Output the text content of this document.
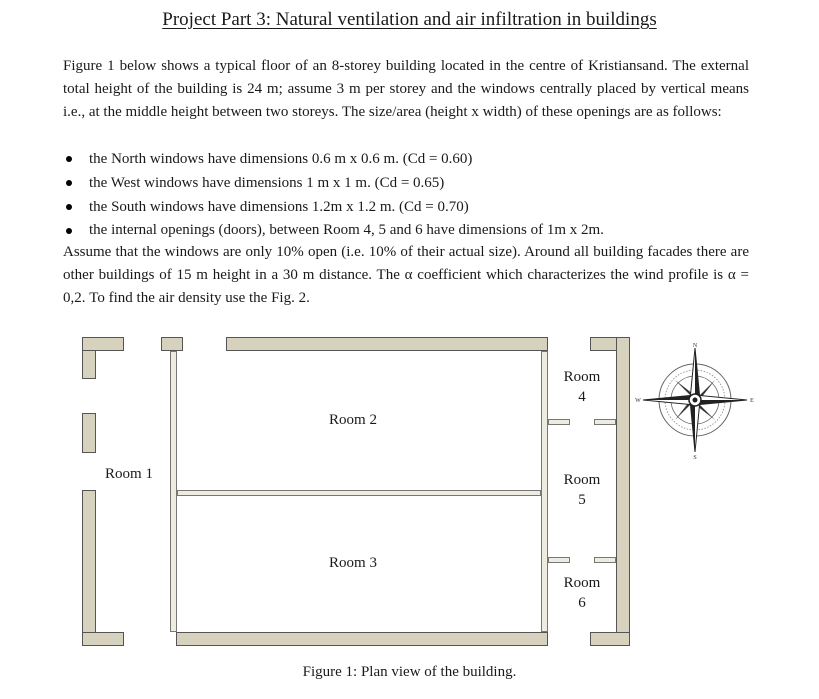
Project Part 3: Natural ventilation and air infiltration in buildings

Figure 1 below shows a typical floor of an 8-storey building located in the centre of Kristiansand. The external total height of the building is 24 m; assume 3 m per storey and the windows centrally placed by vertical means i.e., at the middle height between two storeys. The size/area (height x width) of these openings are as follows:

the North windows have dimensions 0.6 m x 0.6 m. (Cd = 0.60)
the West windows have dimensions 1 m x 1 m. (Cd = 0.65)
the South windows have dimensions 1.2m x 1.2 m. (Cd = 0.70)
the internal openings (doors), between Room 4, 5 and 6 have dimensions of 1m x 2m.

Assume that the windows are only 10% open (i.e. 10% of their actual size). Around all building facades there are other buildings of 15 m height in a 30 m distance. The α coefficient which characterizes the wind profile is α = 0,2. To find the air density use the Fig. 2.

Room 1
Room 2
Room 3
Room
4
Room
5
Room
6
N
S
W	E
Figure 1: Plan view of the building.
